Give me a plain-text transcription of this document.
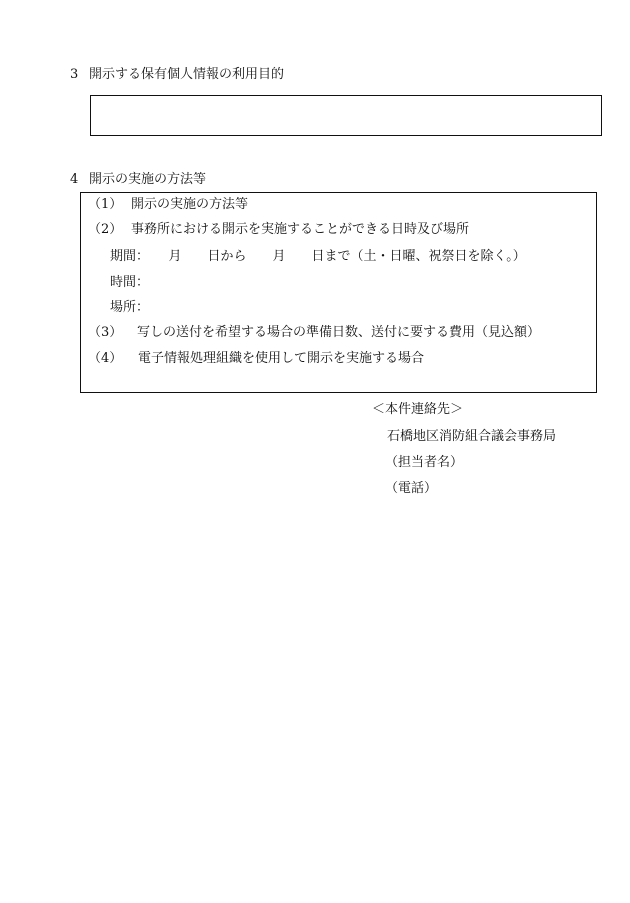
3 開示する保有個人情報の利用目的
4 開示の実施の方法等
（1） 開示の実施の方法等
（2） 事務所における開示を実施することができる日時及び場所
期間：　　月　　日から　　月　　日まで（土・日曜、祝祭日を除く。）
時間：
場所：
（3） 写しの送付を希望する場合の準備日数、送付に要する費用（見込額）
（4） 電子情報処理組織を使用して開示を実施する場合
＜本件連絡先＞
石橋地区消防組合議会事務局
（担当者名）
（電話）
